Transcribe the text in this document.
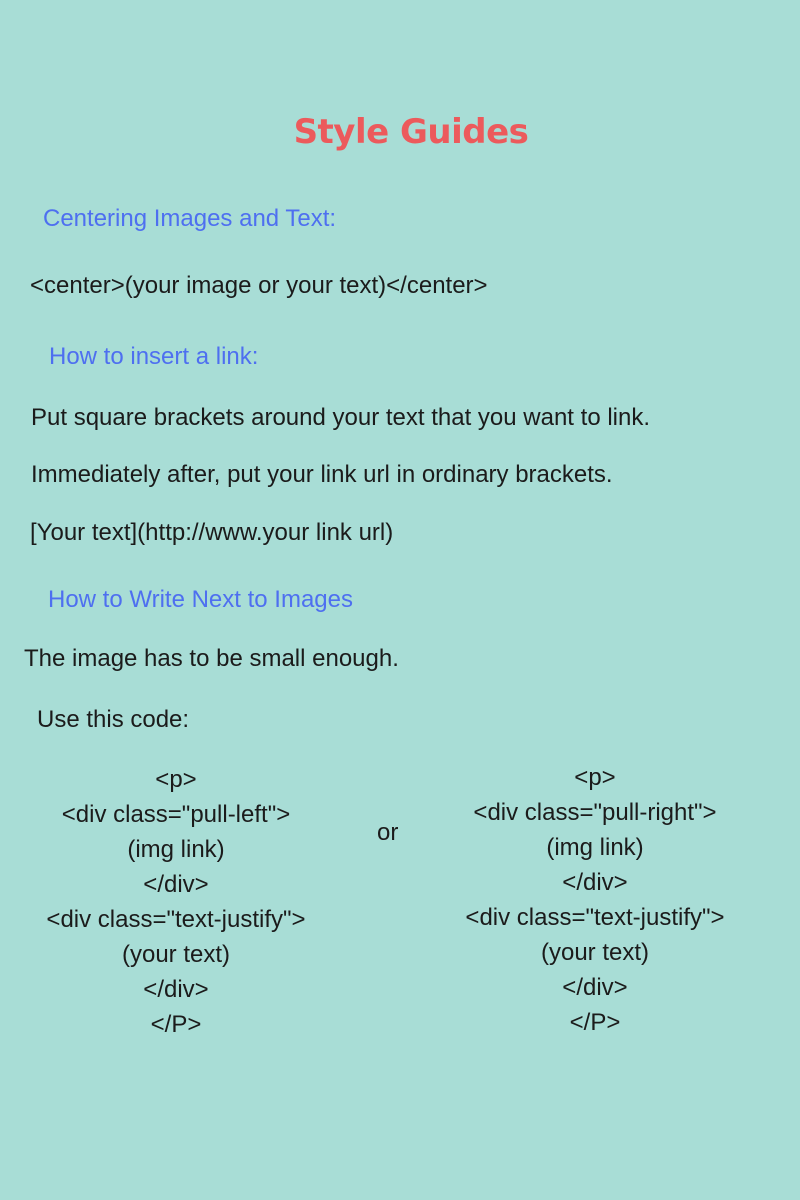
Style Guides
Centering Images and Text:
<center>(your image or your text)</center>
How to insert a link:
Put square brackets around your text that you want to link.
Immediately after, put your link url in ordinary brackets.
[Your text](http://www.your link url)
How to Write Next to Images
The image has to be small enough.
Use this code:
<p>
<div class="pull-left">
(img link)
</div>
<div class="text-justify">
(your text)
</div>
</P>
or
<p>
<div class="pull-right">
(img link)
</div>
<div class="text-justify">
(your text)
</div>
</P>
